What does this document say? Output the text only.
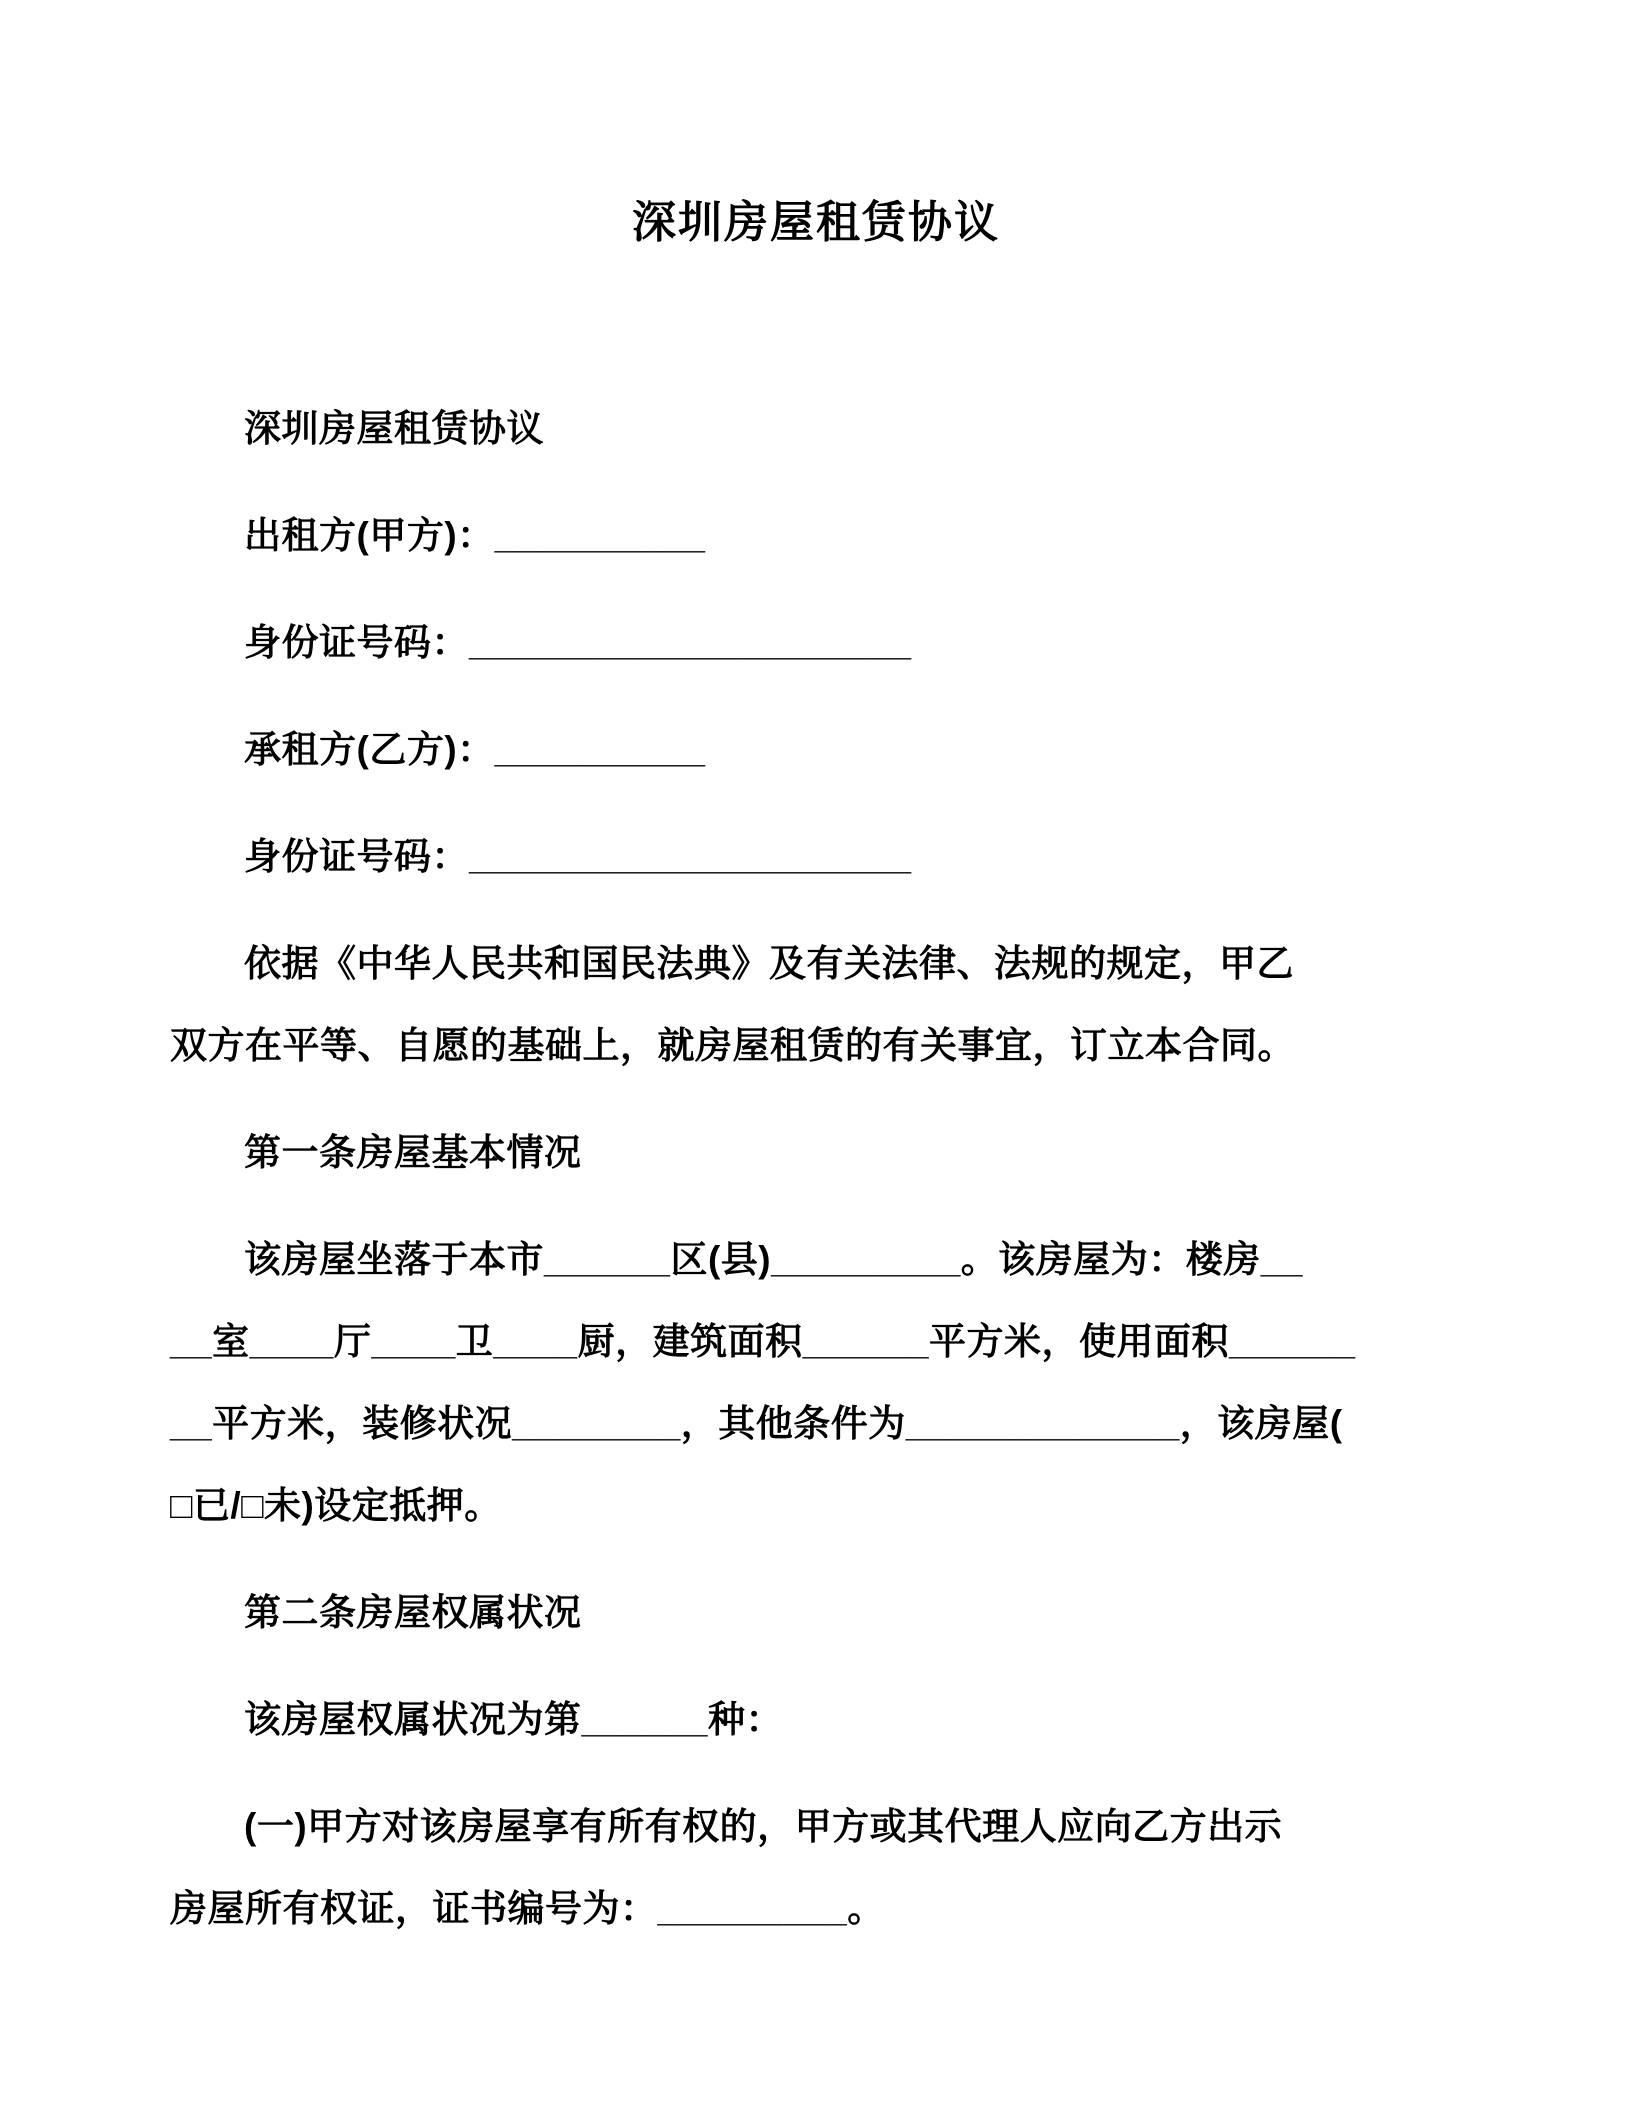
深圳房屋租赁协议
深圳房屋租赁协议
出租方(甲方)：__________
身份证号码：_____________________
承租方(乙方)：__________
身份证号码：_____________________
依据《中华人民共和国民法典》及有关法律、法规的规定，甲乙
双方在平等、自愿的基础上，就房屋租赁的有关事宜，订立本合同。
第一条房屋基本情况
该房屋坐落于本市______区(县)_________。该房屋为：楼房__
__室____厅____卫____厨，建筑面积______平方米，使用面积______
__平方米，装修状况________，其他条件为_____________，该房屋(
□已/□未)设定抵押。
第二条房屋权属状况
该房屋权属状况为第______种：
(一)甲方对该房屋享有所有权的，甲方或其代理人应向乙方出示
房屋所有权证，证书编号为：_________。
